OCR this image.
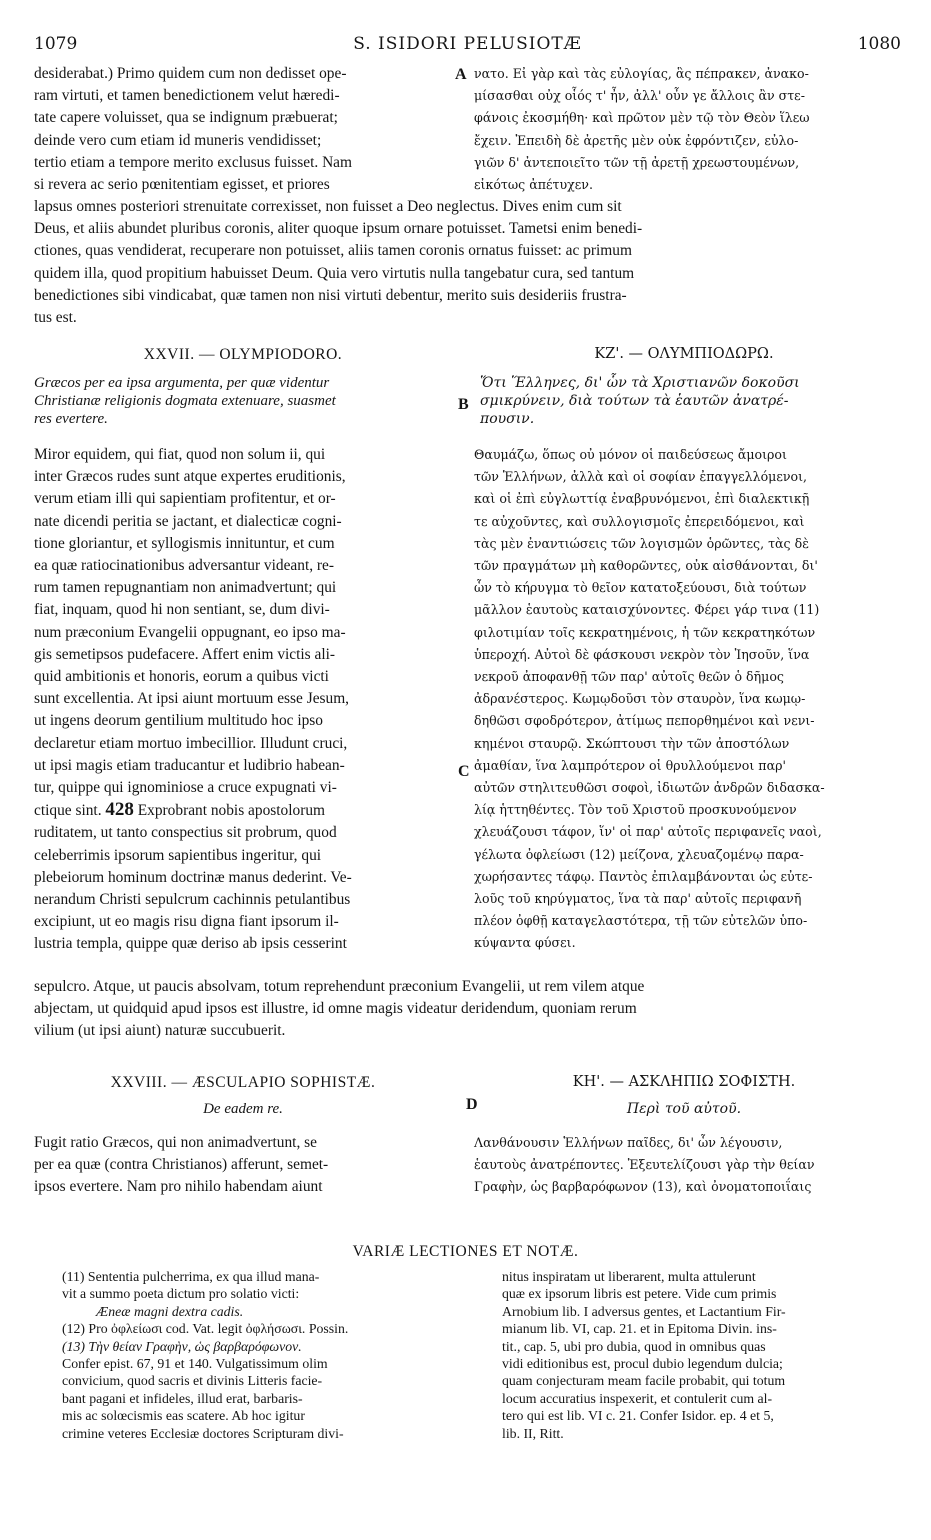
1079	S. ISIDORI PELUSIOTÆ	1080
desiderabat.) Primo quidem cum non dedisset ope-
ram virtuti, et tamen benedictionem velut hæredi-
tate capere voluisset, qua se indignum præbuerat;
deinde vero cum etiam id muneris vendidisset;
tertio etiam a tempore merito exclusus fuisset. Nam
si revera ac serio pœnitentiam egisset, et priores
A νατο. Εἰ γὰρ καὶ τὰς εὐλογίας, ἃς πέπρακεν, ἀνακο-
μίσασθαι οὐχ οἷός τ' ἦν, ἀλλ' οὖν γε ἄλλοις ἂν στε-
φάνοις ἐκοσμήθη· καὶ πρῶτον μὲν τῷ τὸν Θεὸν ἵλεω
ἔχειν. Ἐπειδὴ δὲ ἀρετῆς μὲν οὐκ ἐφρόντιζεν, εὐλο-
γιῶν δ' ἀντεποιεῖτο τῶν τῇ ἀρετῇ χρεωστουμένων,
εἰκότως ἀπέτυχεν.
lapsus omnes posteriori strenuitate correxisset, non fuisset a Deo neglectus. Dives enim cum sit
Deus, et aliis abundet pluribus coronis, aliter quoque ipsum ornare potuisset. Tametsi enim benedi-
ctiones, quas vendiderat, recuperare non potuisset, aliis tamen coronis ornatus fuisset: ac primum
quidem illa, quod propitium habuisset Deum. Quia vero virtutis nulla tangebatur cura, sed tantum
benedictiones sibi vindicabat, quæ tamen non nisi virtuti debentur, merito suis desideriis frustra-
tus est.
XXVII. — OLYMPIODORO.	ΚΖ'. — ΟΛΥΜΠΙΟΔΩΡΩ.
Græcos per ea ipsa argumenta, per quæ videntur
Christianæ religionis dogmata extenuare, suasmet
res evertere.
B
Ὅτι Ἕλληνες, δι' ὧν τὰ Χριστιανῶν δοκοῦσι
σμικρύνειν, διὰ τούτων τὰ ἑαυτῶν ἀνατρέ-
πουσιν.
Miror equidem, qui fiat, quod non solum ii, qui
inter Græcos rudes sunt atque expertes eruditionis,
verum etiam illi qui sapientiam profitentur, et or-
nate dicendi peritia se jactant, et dialecticæ cogni-
tione gloriantur, et syllogismis innituntur, et cum
ea quæ ratiocinationibus adversantur videant, re-
rum tamen repugnantiam non animadvertunt; qui
fiat, inquam, quod hi non sentiant, se, dum divi-
num præconium Evangelii oppugnant, eo ipso ma-
gis semetipsos pudefacere. Affert enim victis ali-
quid ambitionis et honoris, eorum a quibus victi
sunt excellentia. At ipsi aiunt mortuum esse Jesum,
ut ingens deorum gentilium multitudo hoc ipso
declaretur etiam mortuo imbecillior. Illudunt cruci,
ut ipsi magis etiam traducantur et ludibrio habean-
tur, quippe qui ignominiose a cruce expugnati vi-
ctique sint. 428 Exprobrant nobis apostolorum
ruditatem, ut tanto conspectius sit probrum, quod
celeberrimis ipsorum sapientibus ingeritur, qui
plebeiorum hominum doctrinæ manus dederint. Ve-
nerandum Christi sepulcrum cachinnis petulantibus
excipiunt, ut eo magis risu digna fiant ipsorum il-
lustria templa, quippe quæ deriso ab ipsis cesserint
C
Θαυμάζω, ὅπως οὐ μόνον οἱ παιδεύσεως ἄμοιροι
τῶν Ἑλλήνων, ἀλλὰ καὶ οἱ σοφίαν ἐπαγγελλόμενοι,
καὶ οἱ ἐπὶ εὐγλωττίᾳ ἐναβρυνόμενοι, ἐπὶ διαλεκτικῇ
τε αὐχοῦντες, καὶ συλλογισμοῖς ἐπερειδόμενοι, καὶ
τὰς μὲν ἐναντιώσεις τῶν λογισμῶν ὁρῶντες, τὰς δὲ
τῶν πραγμάτων μὴ καθορῶντες, οὐκ αἰσθάνονται, δι'
ὧν τὸ κήρυγμα τὸ θεῖον κατατοξεύουσι, διὰ τούτων
μᾶλλον ἑαυτοὺς καταισχύνοντες. Φέρει γάρ τινα (11)
φιλοτιμίαν τοῖς κεκρατημένοις, ἡ τῶν κεκρατηκότων
ὑπεροχή. Αὐτοὶ δὲ φάσκουσι νεκρὸν τὸν Ἰησοῦν, ἵνα
νεκροῦ ἀποφανθῇ τῶν παρ' αὐτοῖς θεῶν ὁ δῆμος
ἀδρανέστερος. Κωμῳδοῦσι τὸν σταυρὸν, ἵνα κωμῳ-
δηθῶσι σφοδρότερον, ἀτίμως πεπορθημένοι καὶ νενι-
κημένοι σταυρῷ. Σκώπτουσι τὴν τῶν ἀποστόλων
ἀμαθίαν, ἵνα λαμπρότερον οἱ θρυλλούμενοι παρ'
αὐτῶν στηλιτευθῶσι σοφοὶ, ἰδιωτῶν ἀνδρῶν διδασκα-
λίᾳ ἡττηθέντες. Τὸν τοῦ Χριστοῦ προσκυνούμενον
χλευάζουσι τάφον, ἵν' οἱ παρ' αὐτοῖς περιφανεῖς ναοὶ,
γέλωτα ὀφλείωσι (12) μείζονα, χλευαζομένῳ παρα-
χωρήσαντες τάφῳ. Παντὸς ἐπιλαμβάνονται ὡς εὐτε-
λοῦς τοῦ κηρύγματος, ἵνα τὰ παρ' αὐτοῖς περιφανῆ
πλέον ὀφθῇ καταγελαστότερα, τῇ τῶν εὐτελῶν ὑπο-
κύψαντα φύσει.
sepulcro. Atque, ut paucis absolvam, totum reprehendunt præconium Evangelii, ut rem vilem atque
abjectam, ut quidquid apud ipsos est illustre, id omne magis videatur deridendum, quoniam rerum
vilium (ut ipsi aiunt) naturæ succubuerit.
XXVIII. — ÆSCULAPIO SOPHISTÆ.	ΚΗ'. — ΑΣΚΛΗΠΙΩ ΣΟΦΙΣΤΗ.
De eadem re.	D	Περὶ τοῦ αὐτοῦ.
Fugit ratio Græcos, qui non animadvertunt, se
per ea quæ (contra Christianos) afferunt, semet-
ipsos evertere. Nam pro nihilo habendam aiunt
Λανθάνουσιν Ἑλλήνων παῖδες, δι' ὧν λέγουσιν,
ἑαυτοὺς ἀνατρέποντες. Ἐξευτελίζουσι γὰρ τὴν θείαν
Γραφὴν, ὡς βαρβαρόφωνον (13), καὶ ὀνοματοποιΐαις
VARIÆ LECTIONES ET NOTÆ.
(11) Sententia pulcherrima, ex qua illud mana-
vit a summo poeta dictum pro solatio victi:
Æneæ magni dextra cadis.
(12) Pro ὀφλείωσι cod. Vat. legit ὀφλήσωσι. Possin.
(13) Τὴν θείαν Γραφὴν, ὡς βαρβαρόφωνον.
Confer epist. 67, 91 et 140. Vulgatissimum olim
convicium, quod sacris et divinis Litteris facie-
bant pagani et infideles, illud erat, barbaris-
mis ac solœcismis eas scatere. Ab hoc igitur
crimine veteres Ecclesiæ doctores Scripturam divi-
nitus inspiratam ut liberarent, multa attulerunt
quæ ex ipsorum libris est petere. Vide cum primis
Arnobium lib. I adversus gentes, et Lactantium Fir-
mianum lib. VI, cap. 21. et in Epitoma Divin. ins-
tit., cap. 5, ubi pro dubia, quod in omnibus quas
vidi editionibus est, procul dubio legendum dulcia;
quam conjecturam meam facile probabit, qui totum
locum accuratius inspexerit, et contulerit cum al-
tero qui est lib. VI c. 21. Confer Isidor. ep. 4 et 5,
lib. II, Ritt.
